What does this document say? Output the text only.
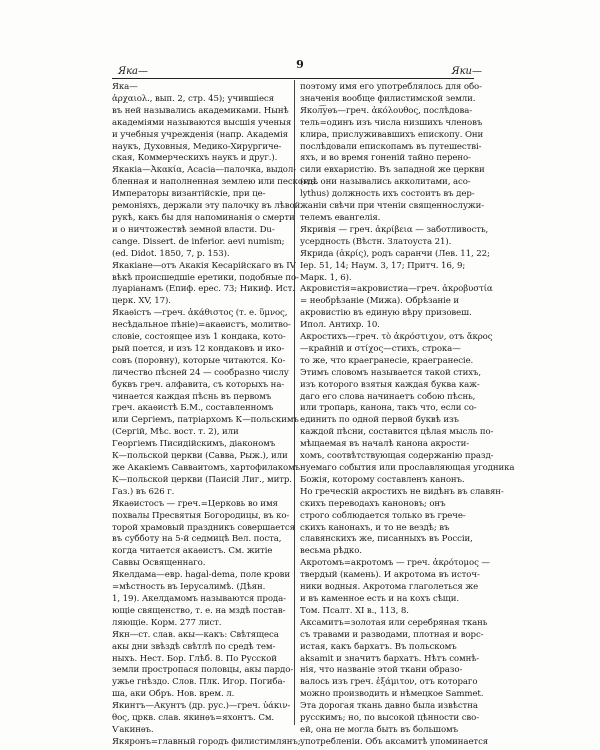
9
Яка—	Яки—
Яка—
ἀρχαιολ., вып. 2, стр. 45); учившіеся
въ ней назывались академиками. Нынѣ
академіями называются высшія ученыя
и учебныя учрежденія (напр. Академія
наукъ, Духовныя, Медико-Хирургиче-
ская, Коммерческихъ наукъ и друг.).
Якакіа—Ἀκακία, Acacia—палочка, выдол-
бленная и наполненная землею или пескомъ.
Императоры византійскіе, при це-
ремоніяхъ, держали эту палочку въ лѣвой
рукѣ, какъ бы для напоминанія о смерти
и о ничтожествѣ земной власти. Du-
cange. Dissert. de inferior. aevi numism;
(ed. Didot. 1850, 7, p. 153).
Якакіане—отъ Акакія Кесарійскаго въ IV
вѣкѣ происшедшіе еретики, подобные по-
луаріанамъ (Епиф. ерес. 73; Никиф. Ист.
церк. XV, 17).
Якаѳістъ —греч. ἀκάθιστος (т. е. ὕμνος,
несѣдальное пѣніе)=акаѳистъ, молитво-
словіе, состоящее изъ 1 кондака, кото-
рый поется, и изъ 12 кондаковъ и ико-
совъ (поровну), которые читаются. Ко-
личество пѣсней 24 — сообразно числу
буквъ греч. алфавита, съ которыхъ на-
чинается каждая пѣснь въ первомъ
греч. акаѳистѣ Б.М., составленномъ
или Сергіемъ, патріархомъ К—польскимъ
(Сергій, Мѣс. вост. т. 2), или
Георгіемъ Писидійскимъ, діакономъ
К—польской церкви (Савва, Рыж.), или
же Акакіемъ Савваитомъ, хартофилакомъ
К—польской церкви (Паисій Лиг., митр.
Газ.) въ 626 г.
Якаѳистосъ — греч.=Церковь во имя
похвалы Пресвятыя Богородицы, въ ко-
торой храмовый праздникъ совершается
въ субботу на 5-й седмицѣ Вел. поста,
когда читается акаѳистъ. См. житіе
Саввы Освященнаго.
Якелдама—евр. hagal-dema, поле крови
=мѣстность въ Іерусалимѣ. (Дѣян.
1, 19). Акелдамомъ называются прода-
ющіе священство, т. е. на мздѣ постав-
ляющіе. Корм. 277 лист.
Якн—ст. слав. акы—какъ: Свѣтящеса
акы дни звѣздѣ свѣтлѣ по средѣ тем-
ныхъ. Нест. Бор. Глѣб. 8. По Русской
земли простропася половцы, акы пардо-
ужье гнѣздо. Слов. Плк. Игор. Погиба-
ша, аки Обръ. Нов. врем. л.
Якинтъ—Акунтъ (др. рус.)—греч. ὑάκιν-
θος, цркв. слав. якинѳъ=яхонтъ. См.
Ѵакинѳъ.
Якяронъ=главный городъ филистимлянъ;
поэтому имя его употреблялось для обо-
значенія вообще филистимской земли.
Якол͡уѳъ—греч. ἀκόλουθος, послѣдова-
тель=одинъ изъ числа низшихъ членовъ
клира, прислуживавшихъ епископу. Они
послѣдовали епископамъ въ путешестві-
яхъ, и во время гоненій тайно перено-
сили евхаристію. Въ западной же церкви
(гдѣ они назывались акколитами, асо-
lythus) должность ихъ состоитъ въ дер-
жаніи свѣчи при чтеніи священнослужи-
телемъ евангелія.
Якривія — греч. ἀκρίβεια — заботливость,
усердность (Вѣстн. Златоуста 21).
Якрида (ἀκρίς), родъ саранчи (Лев. 11, 22;
Іер. 51, 14; Наум. 3, 17; Притч. 16, 9;
Марк. 1, 6).
Акровистія=акровистиа—греч. ἀκροβυστία
= необрѣзаніе (Мижа). Обрѣзаніе и
акровистію въ единую вѣру призовеш.
Ипол. Антихр. 10.
Акростихъ—греч. τὸ ἀκρόστιχον, отъ ἄκρος
—крайній и στίχος—стихъ, строка—
то же, что краегранесіе, краегранесіе.
Этимъ словомъ называется такой стихъ,
изъ которого взятыя каждая буква каж-
даго его слова начинаетъ собою пѣснь,
или тропарь, канона, такъ что, если со-
единить по одной первой буквѣ изъ
каждой пѣсни, составится цѣлая мысль по-
мѣщаемая въ началѣ канона акрости-
хомъ, соотвѣтствующая содержанію празд-
нуемаго события или прославляющая угодника
Божія, которому составленъ канонъ.
Но греческій акростихъ не видѣнъ въ славян-
скихъ переводахъ каноновъ; онъ
строго соблюдается только въ грече-
скихъ канонахъ, и то не вездѣ; въ
славянскихъ же, писанныхъ въ Россіи,
весьма рѣдко.
Акротомъ=акротомъ — греч. ἀκρότομος —
твердый (камень). И акротома въ источ-
ники водныя. Акротома глаголеться же
и въ каменное есть и на кохъ сѣщи.
Том. Псалт. XI в., 113, 8.
Аксамитъ=золотая или серебряная ткань
съ травами и разводами, плотная и ворс-
истая, какъ бархатъ. Въ польскомъ
aksamit и значитъ бархатъ. Нѣтъ сомнѣ-
нія, что названіе этой ткани образо-
валось изъ греч. ἑξάμιτον, отъ котораго
можно производить и нѣмецкое Sammet.
Эта дорогая ткань давно была извѣстна
русскимъ; но, по высокой цѣнности сво-
ей, она не могла быть въ большомъ
употребленіи. Объ аксамитѣ упоминается
